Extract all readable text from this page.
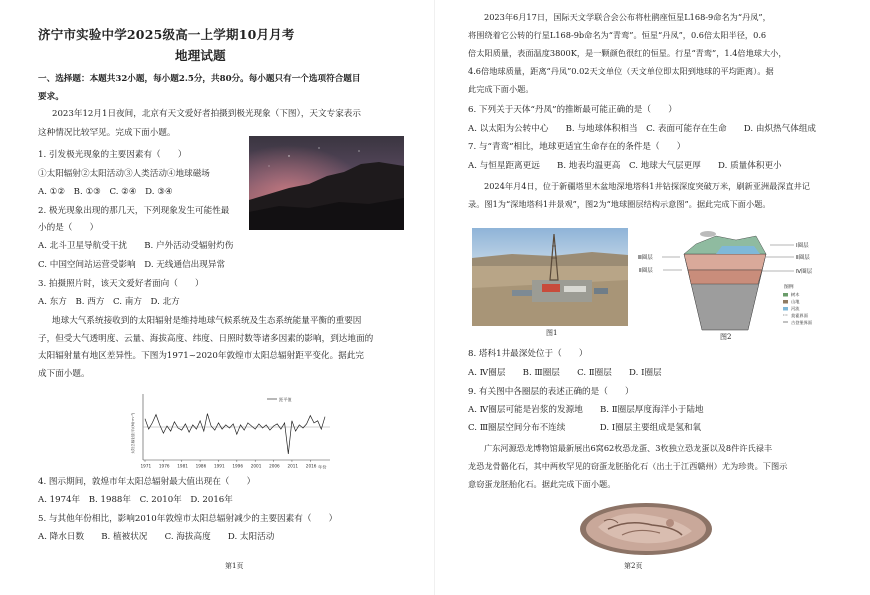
济宁市实验中学2025级高一上学期10月月考
地理试题
一、选择题：本题共32小题，每小题2.5分，共80分。每小题只有一个选项符合题目
要求。
2023年12月1日夜间，北京有天文爱好者拍摄到极光现象（下图），天文专家表示
这种情况比较罕见。完成下面小题。
1. 引发极光现象的主要因素有（　　）
①太阳辐射②太阳活动③人类活动④地球磁场
A. ①②　B. ①③　C. ②④　D. ③④
2. 极光现象出现的那几天，下列现象发生可能性最
小的是（　　）
A. 北斗卫星导航受干扰　　B. 户外活动受辐射灼伤
C. 中国空间站运营受影响　D. 无线通信出现异常
3. 拍摄照片时，该天文爱好者面向（　　）
A. 东方　B. 西方　C. 南方　D. 北方
地球大气系统接收到的太阳辐射是维持地球气候系统及生态系统能量平衡的重要因
子，但受大气透明度、云量、海拔高度、纬度、日照时数等诸多因素的影响，到达地面的
太阳辐射量有地区差异性。下图为1971~2020年敦煌市太阳总辐射距平变化。据此完
成下面小题。
太阳总辐射距平/(MJ·m⁻²)
距平值
年份
1971 1976 1981 1986 1991 1996 2001 2006 2011 2016
4. 图示期间，敦煌市年太阳总辐射最大值出现在（　　）
A. 1974年　B. 1988年　C. 2010年　D. 2016年
5. 与其他年份相比，影响2010年敦煌市太阳总辐射减少的主要因素有（　　）
A. 降水日数　　B. 植被状况　　C. 海拔高度　　D. 太阳活动
第1页
2023年6月17日，国际天文学联合会公布将杜鹃座恒星L168-9命名为“丹凤”，
将围绕着它公转的行星L168-9b命名为“青鸾”。恒星“丹凤”，0.6倍太阳半径，0.6
倍太阳质量，表面温度3800K，是一颗颜色很红的恒星。行星“青鸾”，1.4倍地球大小，
4.6倍地球质量，距离“丹凤”0.02天文单位（天文单位即太阳到地球的平均距离）。据
此完成下面小题。
6. 下列关于天体“丹凤”的推断最可能正确的是（　　）
A. 以太阳为公转中心　　B. 与地球体积相当　C. 表面可能存在生命　　D. 由炽热气体组成
7. 与“青鸾”相比，地球更适宜生命存在的条件是（　　）
A. 与恒星距离更远　　B. 地表均温更高　C. 地球大气层更厚　　D. 质量体积更小
2024年月4日，位于新疆塔里木盆地深地塔科1井钻探深度突破万米，刷新亚洲最深直井记
录。图1为“深地塔科1井景观”，图2为“地球圈层结构示意图”。据此完成下面小题。
图1
Ⅲ圈层
Ⅱ圈层
Ⅰ圈层
Ⅱ圈层
Ⅳ圈层
图例
树木
山地
河流
莫霍界面
古登堡界面
图2
8. 塔科1井最深处位于（　　）
A. Ⅳ圈层　　B. Ⅲ圈层　　C. Ⅱ圈层　　D. Ⅰ圈层
9. 有关图中各圈层的表述正确的是（　　）
A. Ⅳ圈层可能是岩浆的发源地　　B. Ⅱ圈层厚度海洋小于陆地
C. Ⅲ圈层空间分布不连续　　　　D. Ⅰ圈层主要组成是氢和氧
广东河源恐龙博物馆最新展出6窝62枚恐龙蛋、3枚独立恐龙蛋以及8件许氏禄丰
龙恐龙骨骼化石，其中两枚罕见的窃蛋龙胚胎化石（出土于江西赣州）尤为珍贵。下图示
意窃蛋龙胚胎化石。据此完成下面小题。
第2页
